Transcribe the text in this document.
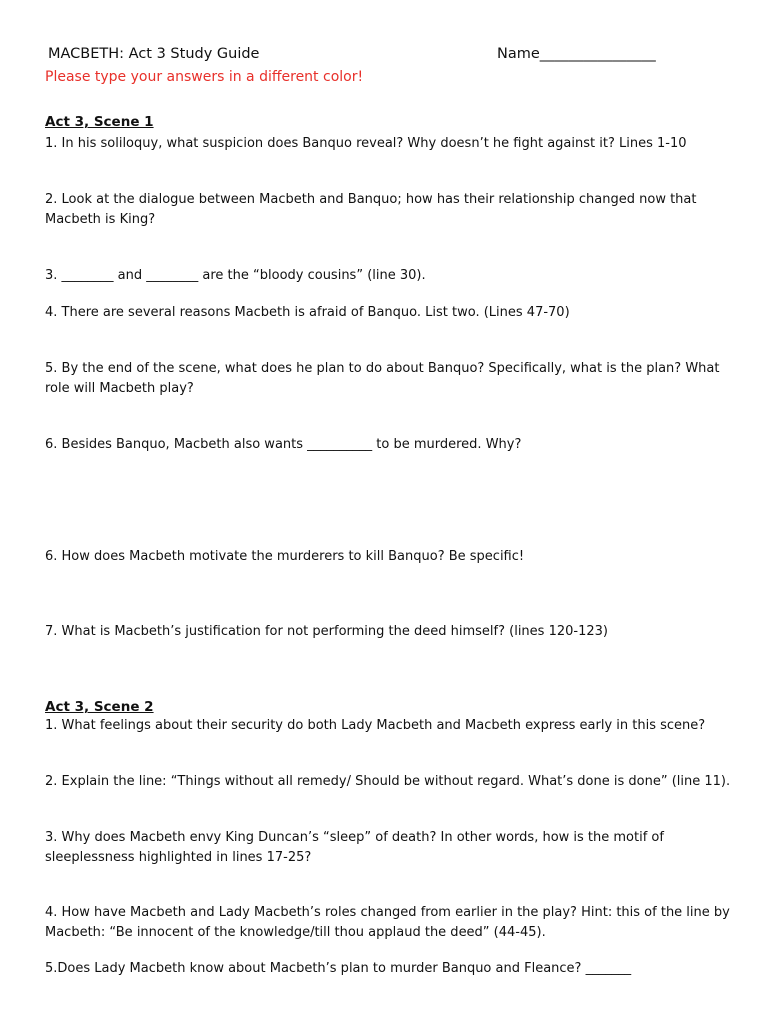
MACBETH: Act 3 Study Guide	Name________________
Please type your answers in a different color!
Act 3, Scene 1
1. In his soliloquy, what suspicion does Banquo reveal? Why doesn’t he fight against it? Lines 1-10
2. Look at the dialogue between Macbeth and Banquo; how has their relationship changed now that Macbeth is King?
3. ________ and ________ are the “bloody cousins” (line 30).
4. There are several reasons Macbeth is afraid of Banquo. List two. (Lines 47-70)
5. By the end of the scene, what does he plan to do about Banquo? Specifically, what is the plan? What role will Macbeth play?
6. Besides Banquo, Macbeth also wants __________ to be murdered. Why?
6. How does Macbeth motivate the murderers to kill Banquo? Be specific!
7. What is Macbeth’s justification for not performing the deed himself? (lines 120-123)
Act 3, Scene 2
1. What feelings about their security do both Lady Macbeth and Macbeth express early in this scene?
2. Explain the line: “Things without all remedy/ Should be without regard. What’s done is done” (line 11).
3. Why does Macbeth envy King Duncan’s “sleep” of death? In other words, how is the motif of sleeplessness highlighted in lines 17-25?
4. How have Macbeth and Lady Macbeth’s roles changed from earlier in the play? Hint: this of the line by Macbeth: “Be innocent of the knowledge/till thou applaud the deed” (44-45).
5.Does Lady Macbeth know about Macbeth’s plan to murder Banquo and Fleance? _______
